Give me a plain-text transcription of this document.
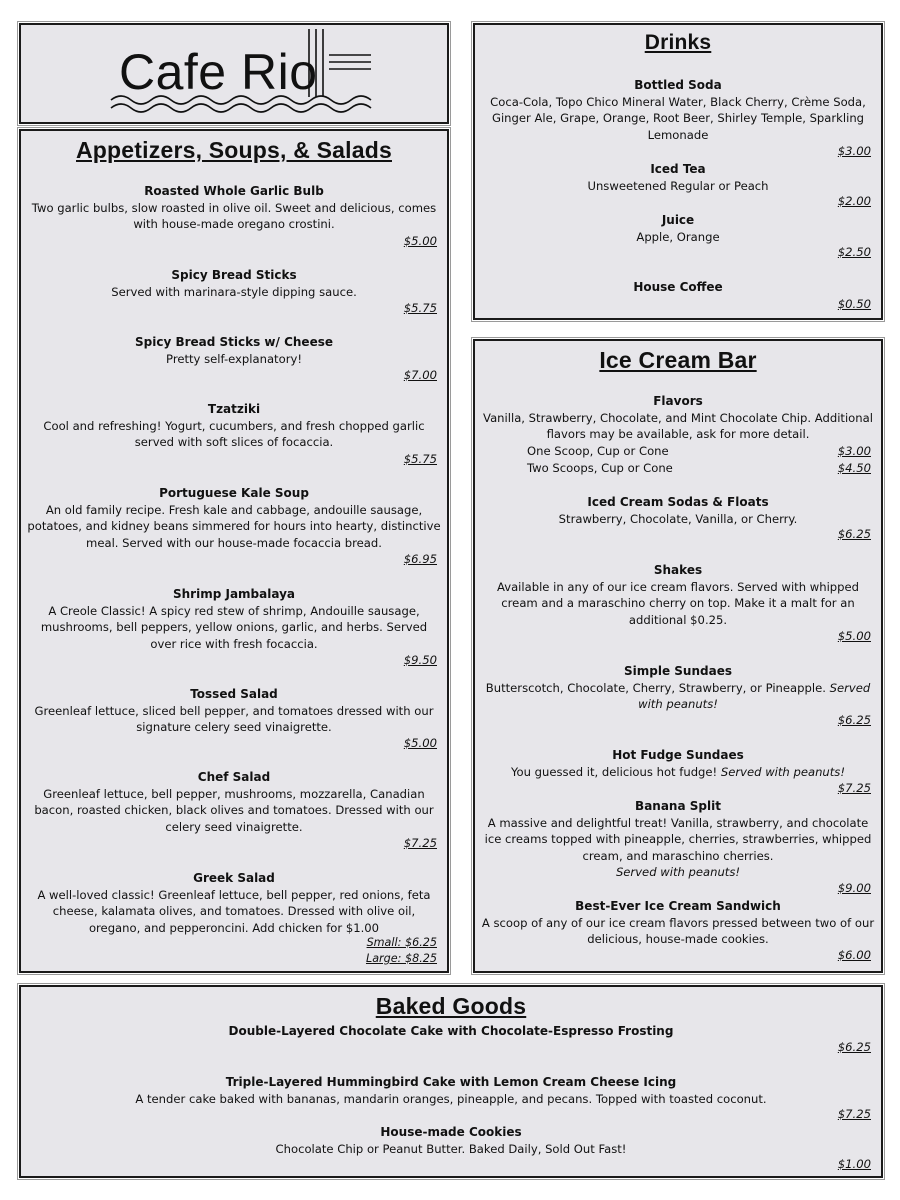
Cafe Rio
Appetizers, Soups, & Salads
Roasted Whole Garlic Bulb
Two garlic bulbs, slow roasted in olive oil. Sweet and delicious, comes with house-made oregano crostini.
$5.00
Spicy Bread Sticks
Served with marinara-style dipping sauce.
$5.75
Spicy Bread Sticks w/ Cheese
Pretty self-explanatory!
$7.00
Tzatziki
Cool and refreshing! Yogurt, cucumbers, and fresh chopped garlic served with soft slices of focaccia.
$5.75
Portuguese Kale Soup
An old family recipe. Fresh kale and cabbage, andouille sausage, potatoes, and kidney beans simmered for hours into hearty, distinctive meal. Served with our house-made focaccia bread.
$6.95
Shrimp Jambalaya
A Creole Classic! A spicy red stew of shrimp, Andouille sausage, mushrooms, bell peppers, yellow onions, garlic, and herbs. Served over rice with fresh focaccia.
$9.50
Tossed Salad
Greenleaf lettuce, sliced bell pepper, and tomatoes dressed with our signature celery seed vinaigrette.
$5.00
Chef Salad
Greenleaf lettuce, bell pepper, mushrooms, mozzarella, Canadian bacon, roasted chicken, black olives and tomatoes. Dressed with our celery seed vinaigrette.
$7.25
Greek Salad
A well-loved classic! Greenleaf lettuce, bell pepper, red onions, feta cheese, kalamata olives, and tomatoes. Dressed with olive oil, oregano, and pepperoncini. Add chicken for $1.00
Small: $6.25
Large: $8.25
Drinks
Bottled Soda
Coca-Cola, Topo Chico Mineral Water, Black Cherry, Crème Soda, Ginger Ale, Grape, Orange, Root Beer, Shirley Temple, Sparkling Lemonade
$3.00
Iced Tea
Unsweetened Regular or Peach
$2.00
Juice
Apple, Orange
$2.50
House Coffee
$0.50
Ice Cream Bar
Flavors
Vanilla, Strawberry, Chocolate, and Mint Chocolate Chip. Additional flavors may be available, ask for more detail.
One Scoop, Cup or Cone	$3.00
Two Scoops, Cup or Cone	$4.50
Iced Cream Sodas & Floats
Strawberry, Chocolate, Vanilla, or Cherry.
$6.25
Shakes
Available in any of our ice cream flavors. Served with whipped cream and a maraschino cherry on top. Make it a malt for an additional $0.25.
$5.00
Simple Sundaes
Butterscotch, Chocolate, Cherry, Strawberry, or Pineapple. Served with peanuts!
$6.25
Hot Fudge Sundaes
You guessed it, delicious hot fudge! Served with peanuts!
$7.25
Banana Split
A massive and delightful treat! Vanilla, strawberry, and chocolate ice creams topped with pineapple, cherries, strawberries, whipped cream, and maraschino cherries.
Served with peanuts!
$9.00
Best-Ever Ice Cream Sandwich
A scoop of any of our ice cream flavors pressed between two of our delicious, house-made cookies.
$6.00
Baked Goods
Double-Layered Chocolate Cake with Chocolate-Espresso Frosting
$6.25
Triple-Layered Hummingbird Cake with Lemon Cream Cheese Icing
A tender cake baked with bananas, mandarin oranges, pineapple, and pecans. Topped with toasted coconut.
$7.25
House-made Cookies
Chocolate Chip or Peanut Butter. Baked Daily, Sold Out Fast!
$1.00
